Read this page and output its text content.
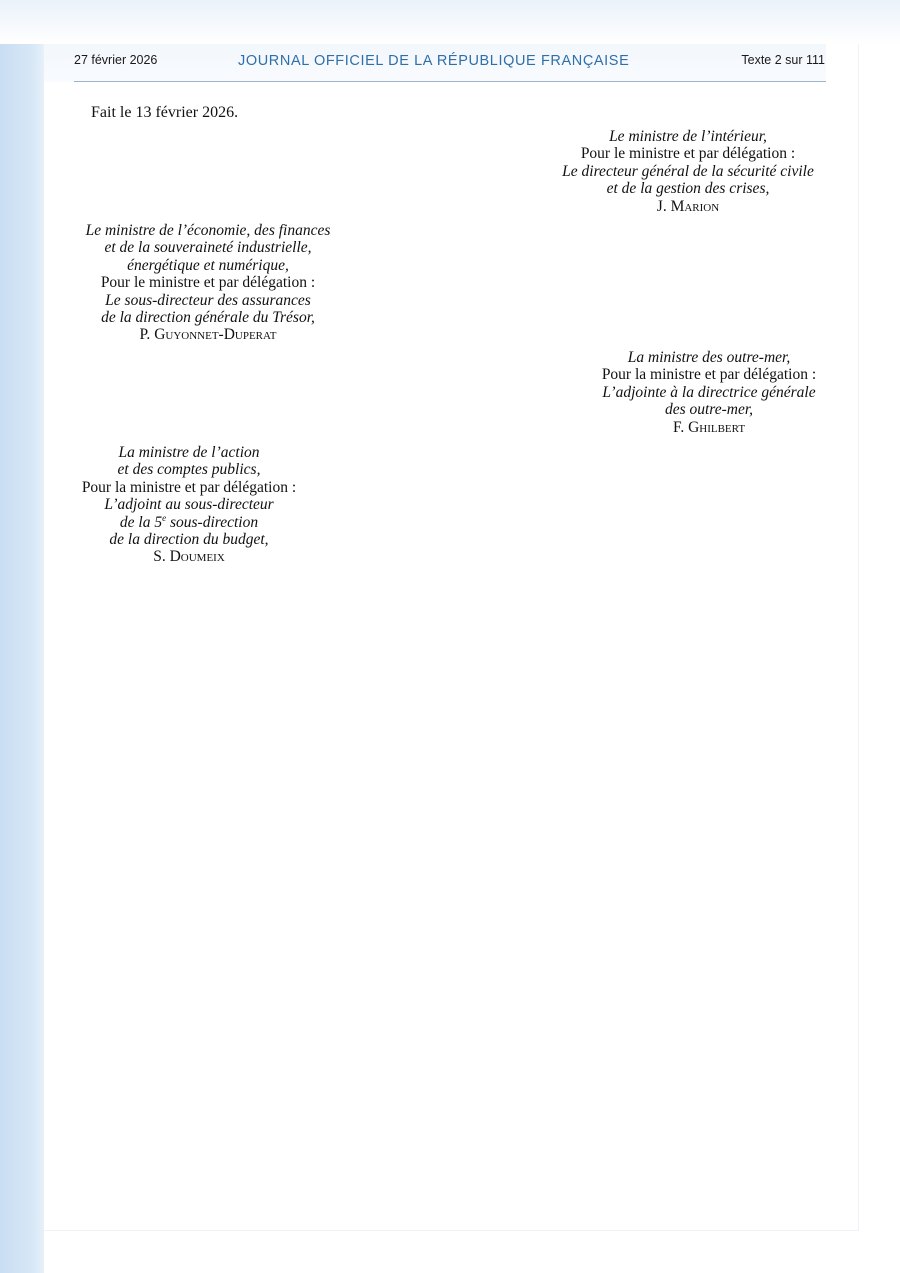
27 février 2026	JOURNAL OFFICIEL DE LA RÉPUBLIQUE FRANÇAISE	Texte 2 sur 111
Fait le 13 février 2026.
Le ministre de l’intérieur,
Pour le ministre et par délégation :
Le directeur général de la sécurité civile
et de la gestion des crises,
J. Marion
Le ministre de l’économie, des finances
et de la souveraineté industrielle,
énergétique et numérique,
Pour le ministre et par délégation :
Le sous-directeur des assurances
de la direction générale du Trésor,
P. Guyonnet-Duperat
La ministre des outre-mer,
Pour la ministre et par délégation :
L’adjointe à la directrice générale
des outre-mer,
F. Ghilbert
La ministre de l’action
et des comptes publics,
Pour la ministre et par délégation :
L’adjoint au sous-directeur
de la 5e sous-direction
de la direction du budget,
S. Doumeix
